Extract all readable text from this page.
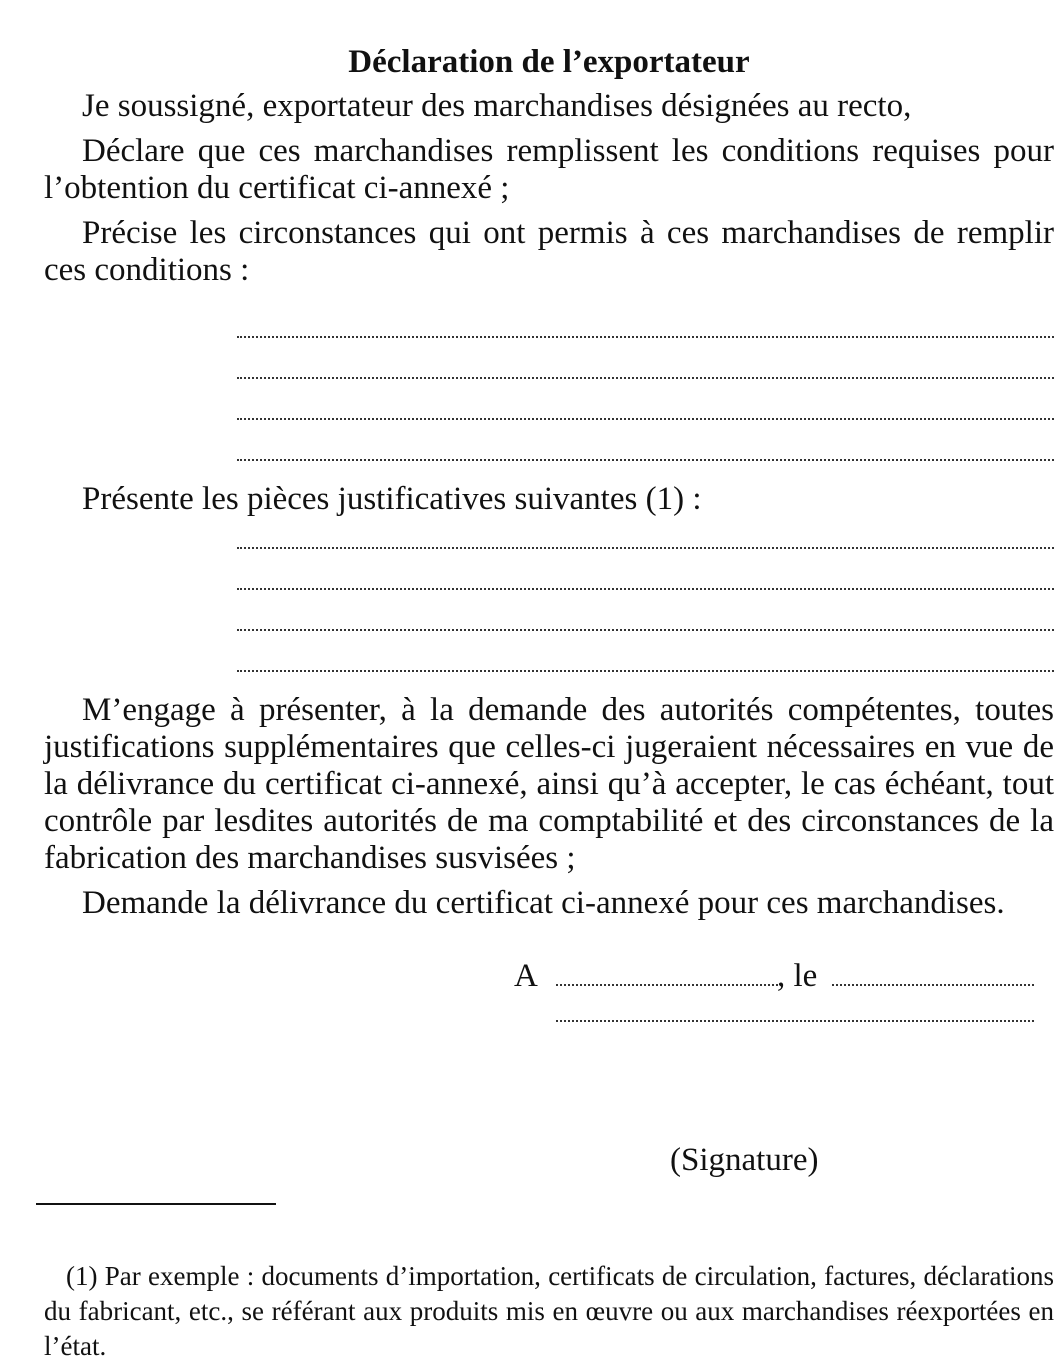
Déclaration de l’exportateur

Je soussigné, exportateur des marchandises désignées au recto,

Déclare que ces marchandises remplissent les conditions requises pour l’obtention du certificat ci-annexé ;

Précise les circonstances qui ont permis à ces marchandises de remplir ces conditions :

Présente les pièces justificatives suivantes (1) :

M’engage à présenter, à la demande des autorités compétentes, toutes justifications supplémentaires que celles-ci jugeraient nécessaires en vue de la délivrance du certificat ci-annexé, ainsi qu’à accepter, le cas échéant, tout contrôle par lesdites autorités de ma comptabilité et des circonstances de la fabrication des marchandises susvisées ;

Demande la délivrance du certificat ci-annexé pour ces marchandises.

A	, le
(Signature)

(1) Par exemple : documents d’importation, certificats de circulation, factures, déclarations du fabricant, etc., se référant aux produits mis en œuvre ou aux marchandises réexportées en l’état.
